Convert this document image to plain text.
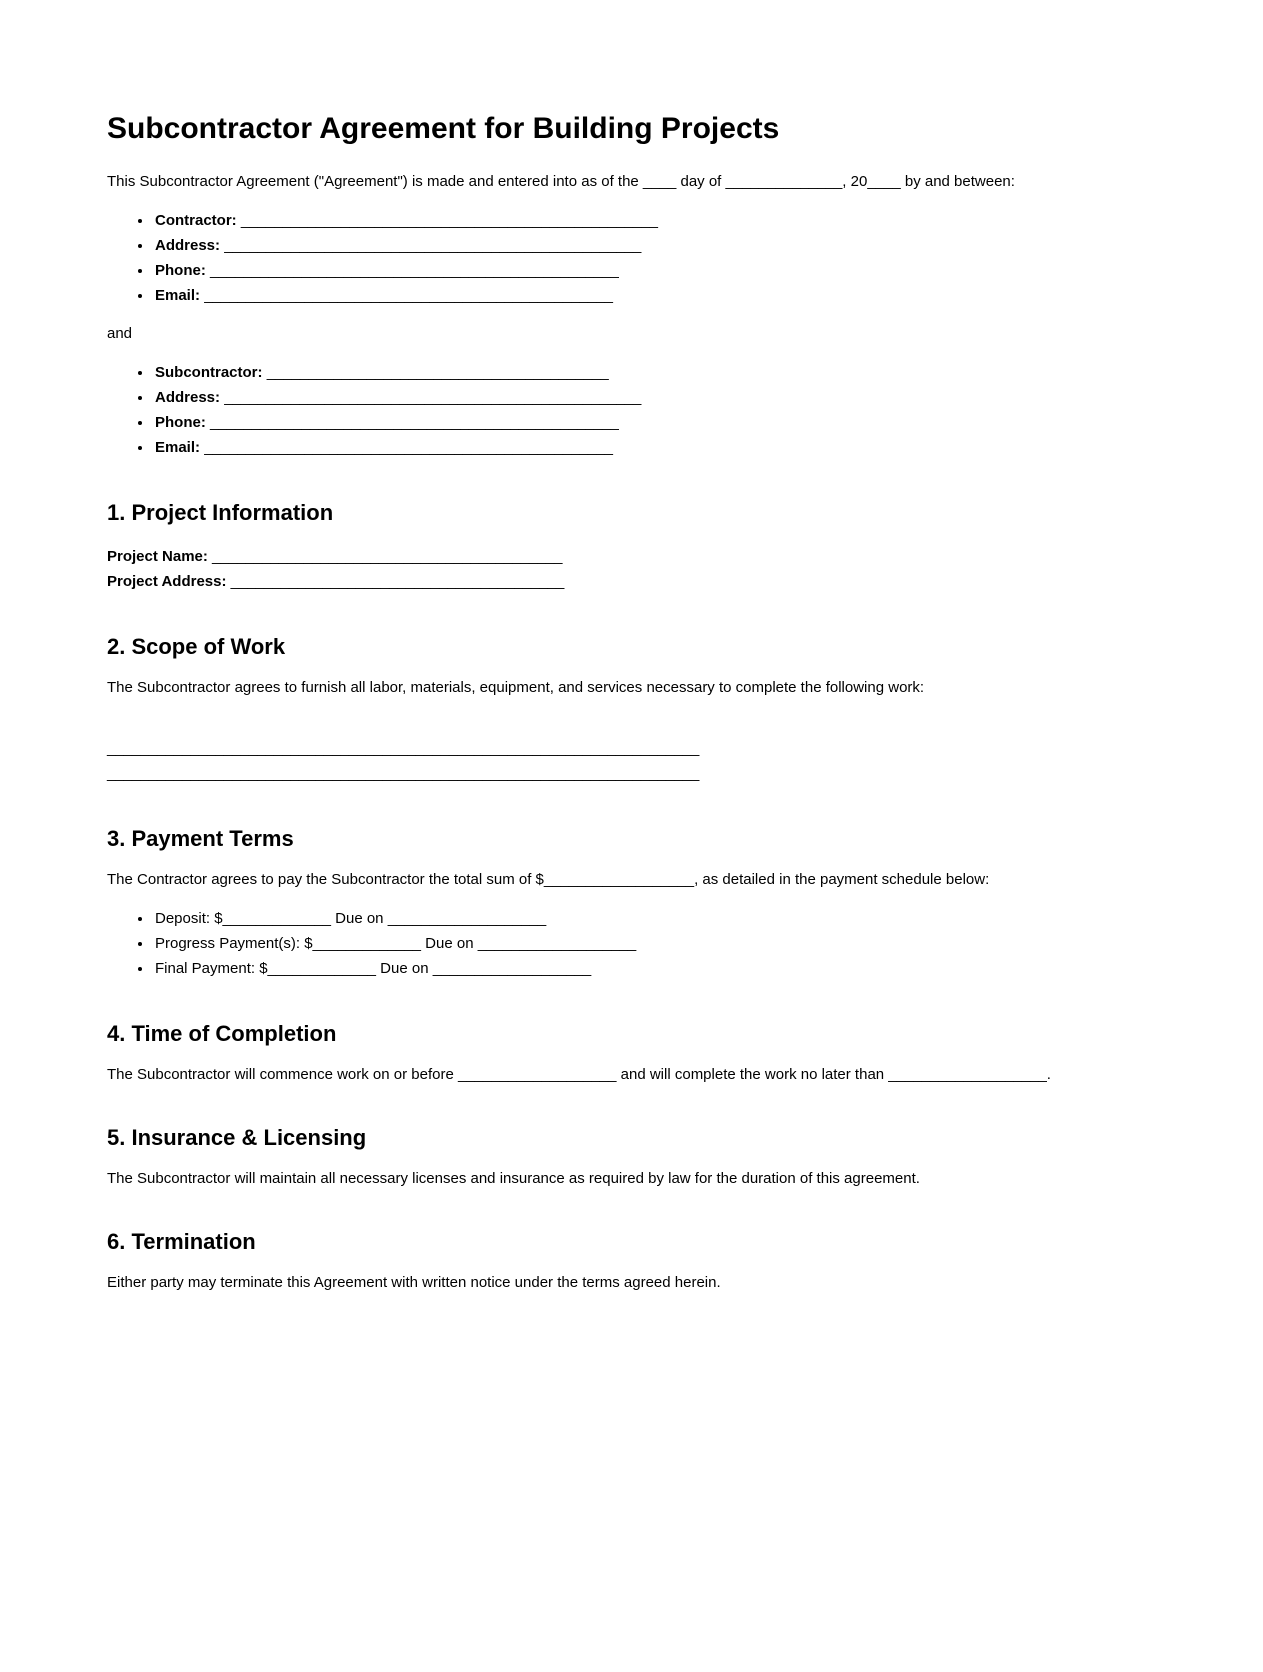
Subcontractor Agreement for Building Projects

This Subcontractor Agreement ("Agreement") is made and entered into as of the ____ day of ______________, 20____ by and between:

• Contractor: __________________________________________________
• Address: __________________________________________________
• Phone: _________________________________________________
• Email: _________________________________________________

and

• Subcontractor: _________________________________________
• Address: __________________________________________________
• Phone: _________________________________________________
• Email: _________________________________________________
1. Project Information

Project Name: __________________________________________

Project Address: ________________________________________

2. Scope of Work

The Subcontractor agrees to furnish all labor, materials, equipment, and services necessary to complete the following work:

_______________________________________________________________________

_______________________________________________________________________

3. Payment Terms

The Contractor agrees to pay the Subcontractor the total sum of $__________________, as detailed in the payment schedule below:

• Deposit: $_____________ Due on ___________________
• Progress Payment(s): $_____________ Due on ___________________
• Final Payment: $_____________ Due on ___________________
4. Time of Completion

The Subcontractor will commence work on or before ___________________ and will complete the work no later than ___________________.

5. Insurance & Licensing

The Subcontractor will maintain all necessary licenses and insurance as required by law for the duration of this agreement.

6. Termination

Either party may terminate this Agreement with written notice under the terms agreed herein.
